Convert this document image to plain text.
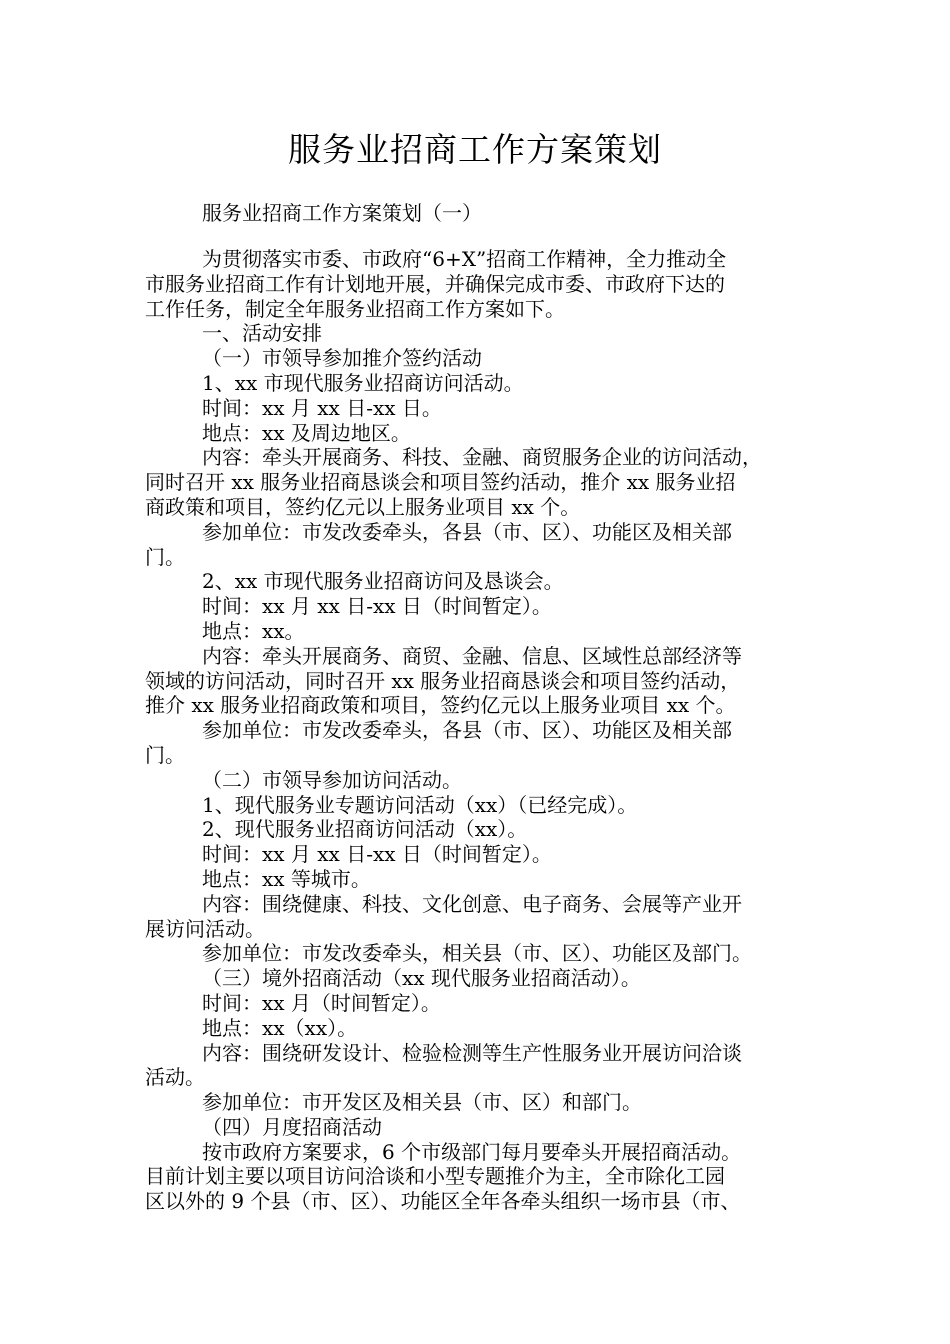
服务业招商工作方案策划
服务业招商工作方案策划（一）
为贯彻落实市委、市政府“6+X”招商工作精神，全力推动全
市服务业招商工作有计划地开展，并确保完成市委、市政府下达的
工作任务，制定全年服务业招商工作方案如下。
一、活动安排
（一）市领导参加推介签约活动
1、xx 市现代服务业招商访问活动。
时间：xx 月 xx 日-xx 日。
地点：xx 及周边地区。
内容：牵头开展商务、科技、金融、商贸服务企业的访问活动，
同时召开 xx 服务业招商恳谈会和项目签约活动，推介 xx 服务业招
商政策和项目，签约亿元以上服务业项目 xx 个。
参加单位：市发改委牵头，各县（市、区）、功能区及相关部
门。
2、xx 市现代服务业招商访问及恳谈会。
时间：xx 月 xx 日-xx 日（时间暂定）。
地点：xx。
内容：牵头开展商务、商贸、金融、信息、区域性总部经济等
领域的访问活动，同时召开 xx 服务业招商恳谈会和项目签约活动，
推介 xx 服务业招商政策和项目，签约亿元以上服务业项目 xx 个。
参加单位：市发改委牵头，各县（市、区）、功能区及相关部
门。
（二）市领导参加访问活动。
1、现代服务业专题访问活动（xx）（已经完成）。
2、现代服务业招商访问活动（xx）。
时间：xx 月 xx 日-xx 日（时间暂定）。
地点：xx 等城市。
内容：围绕健康、科技、文化创意、电子商务、会展等产业开
展访问活动。
参加单位：市发改委牵头，相关县（市、区）、功能区及部门。
（三）境外招商活动（xx 现代服务业招商活动）。
时间：xx 月（时间暂定）。
地点：xx（xx）。
内容：围绕研发设计、检验检测等生产性服务业开展访问洽谈
活动。
参加单位：市开发区及相关县（市、区）和部门。
（四）月度招商活动
按市政府方案要求，6 个市级部门每月要牵头开展招商活动。
目前计划主要以项目访问洽谈和小型专题推介为主，全市除化工园
区以外的 9 个县（市、区）、功能区全年各牵头组织一场市县（市、
